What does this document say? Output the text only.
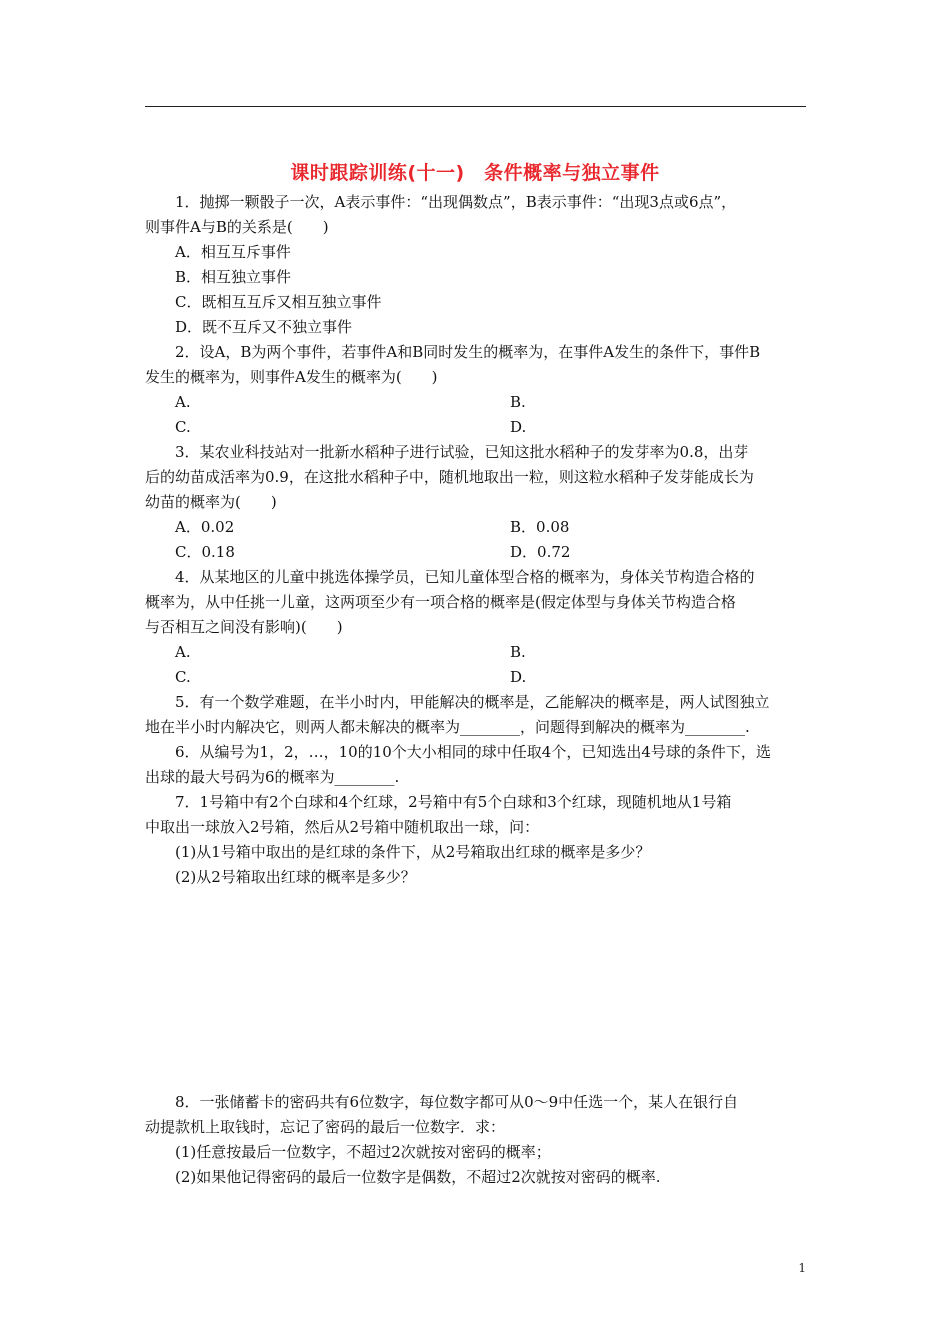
课时跟踪训练(十一)　条件概率与独立事件

1．抛掷一颗骰子一次，A表示事件：“出现偶数点”，B表示事件：“出现3点或6点”，

则事件A与B的关系是(　　)

A．相互互斥事件

B．相互独立事件

C．既相互互斥又相互独立事件

D．既不互斥又不独立事件

2．设A，B为两个事件，若事件A和B同时发生的概率为，在事件A发生的条件下，事件B

发生的概率为，则事件A发生的概率为(　　)

A.	B.
C.	D.

3．某农业科技站对一批新水稻种子进行试验，已知这批水稻种子的发芽率为0.8，出芽

后的幼苗成活率为0.9，在这批水稻种子中，随机地取出一粒，则这粒水稻种子发芽能成长为

幼苗的概率为(　　)

A．0.02	B．0.08
C．0.18	D．0.72

4．从某地区的儿童中挑选体操学员，已知儿童体型合格的概率为，身体关节构造合格的

概率为，从中任挑一儿童，这两项至少有一项合格的概率是(假定体型与身体关节构造合格

与否相互之间没有影响)(　　)

A.	B.
C.	D.

5．有一个数学难题，在半小时内，甲能解决的概率是，乙能解决的概率是，两人试图独立

地在半小时内解决它，则两人都未解决的概率为________，问题得到解决的概率为________.

6．从编号为1，2，…，10的10个大小相同的球中任取4个，已知选出4号球的条件下，选

出球的最大号码为6的概率为________.

7．1号箱中有2个白球和4个红球，2号箱中有5个白球和3个红球，现随机地从1号箱

中取出一球放入2号箱，然后从2号箱中随机取出一球，问：

(1)从1号箱中取出的是红球的条件下，从2号箱取出红球的概率是多少？

(2)从2号箱取出红球的概率是多少？

8．一张储蓄卡的密码共有6位数字，每位数字都可从0～9中任选一个，某人在银行自

动提款机上取钱时，忘记了密码的最后一位数字．求：

(1)任意按最后一位数字，不超过2次就按对密码的概率；

(2)如果他记得密码的最后一位数字是偶数，不超过2次就按对密码的概率.

1
